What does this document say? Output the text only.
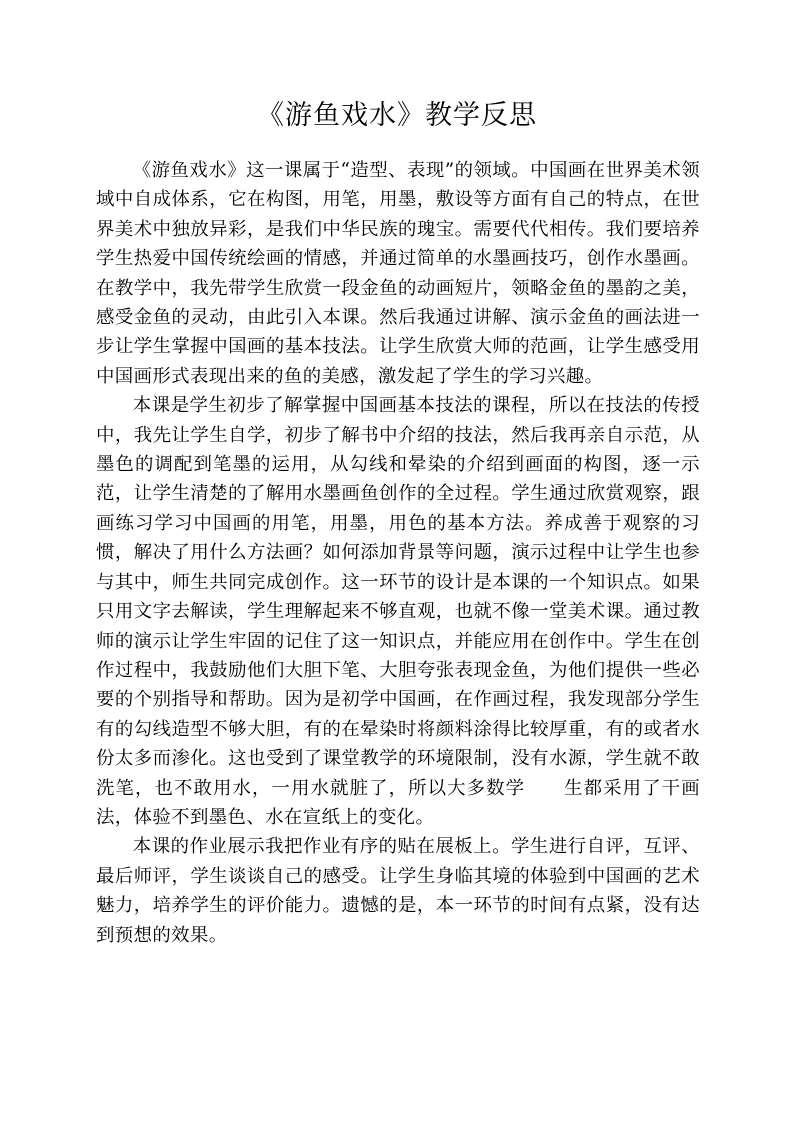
《游鱼戏水》教学反思

《游鱼戏水》这一课属于“造型、表现”的领域。中国画在世界美术领域中自成体系，它在构图，用笔，用墨，敷设等方面有自己的特点，在世界美术中独放异彩，是我们中华民族的瑰宝。需要代代相传。我们要培养学生热爱中国传统绘画的情感，并通过简单的水墨画技巧，创作水墨画。在教学中，我先带学生欣赏一段金鱼的动画短片，领略金鱼的墨韵之美，感受金鱼的灵动，由此引入本课。然后我通过讲解、演示金鱼的画法进一步让学生掌握中国画的基本技法。让学生欣赏大师的范画，让学生感受用中国画形式表现出来的鱼的美感，激发起了学生的学习兴趣。

本课是学生初步了解掌握中国画基本技法的课程，所以在技法的传授中，我先让学生自学，初步了解书中介绍的技法，然后我再亲自示范，从墨色的调配到笔墨的运用，从勾线和晕染的介绍到画面的构图，逐一示范，让学生清楚的了解用水墨画鱼创作的全过程。学生通过欣赏观察，跟画练习学习中国画的用笔，用墨，用色的基本方法。养成善于观察的习惯，解决了用什么方法画？如何添加背景等问题，演示过程中让学生也参与其中，师生共同完成创作。这一环节的设计是本课的一个知识点。如果只用文字去解读，学生理解起来不够直观，也就不像一堂美术课。通过教师的演示让学生牢固的记住了这一知识点，并能应用在创作中。学生在创作过程中，我鼓励他们大胆下笔、大胆夸张表现金鱼，为他们提供一些必要的个别指导和帮助。因为是初学中国画，在作画过程，我发现部分学生有的勾线造型不够大胆，有的在晕染时将颜料涂得比较厚重，有的或者水份太多而渗化。这也受到了课堂教学的环境限制，没有水源，学生就不敢洗笔，也不敢用水，一用水就脏了，所以大多数学　　生都采用了干画法，体验不到墨色、水在宣纸上的变化。

本课的作业展示我把作业有序的贴在展板上。学生进行自评，互评、最后师评，学生谈谈自己的感受。让学生身临其境的体验到中国画的艺术魅力，培养学生的评价能力。遗憾的是，本一环节的时间有点紧，没有达到预想的效果。
